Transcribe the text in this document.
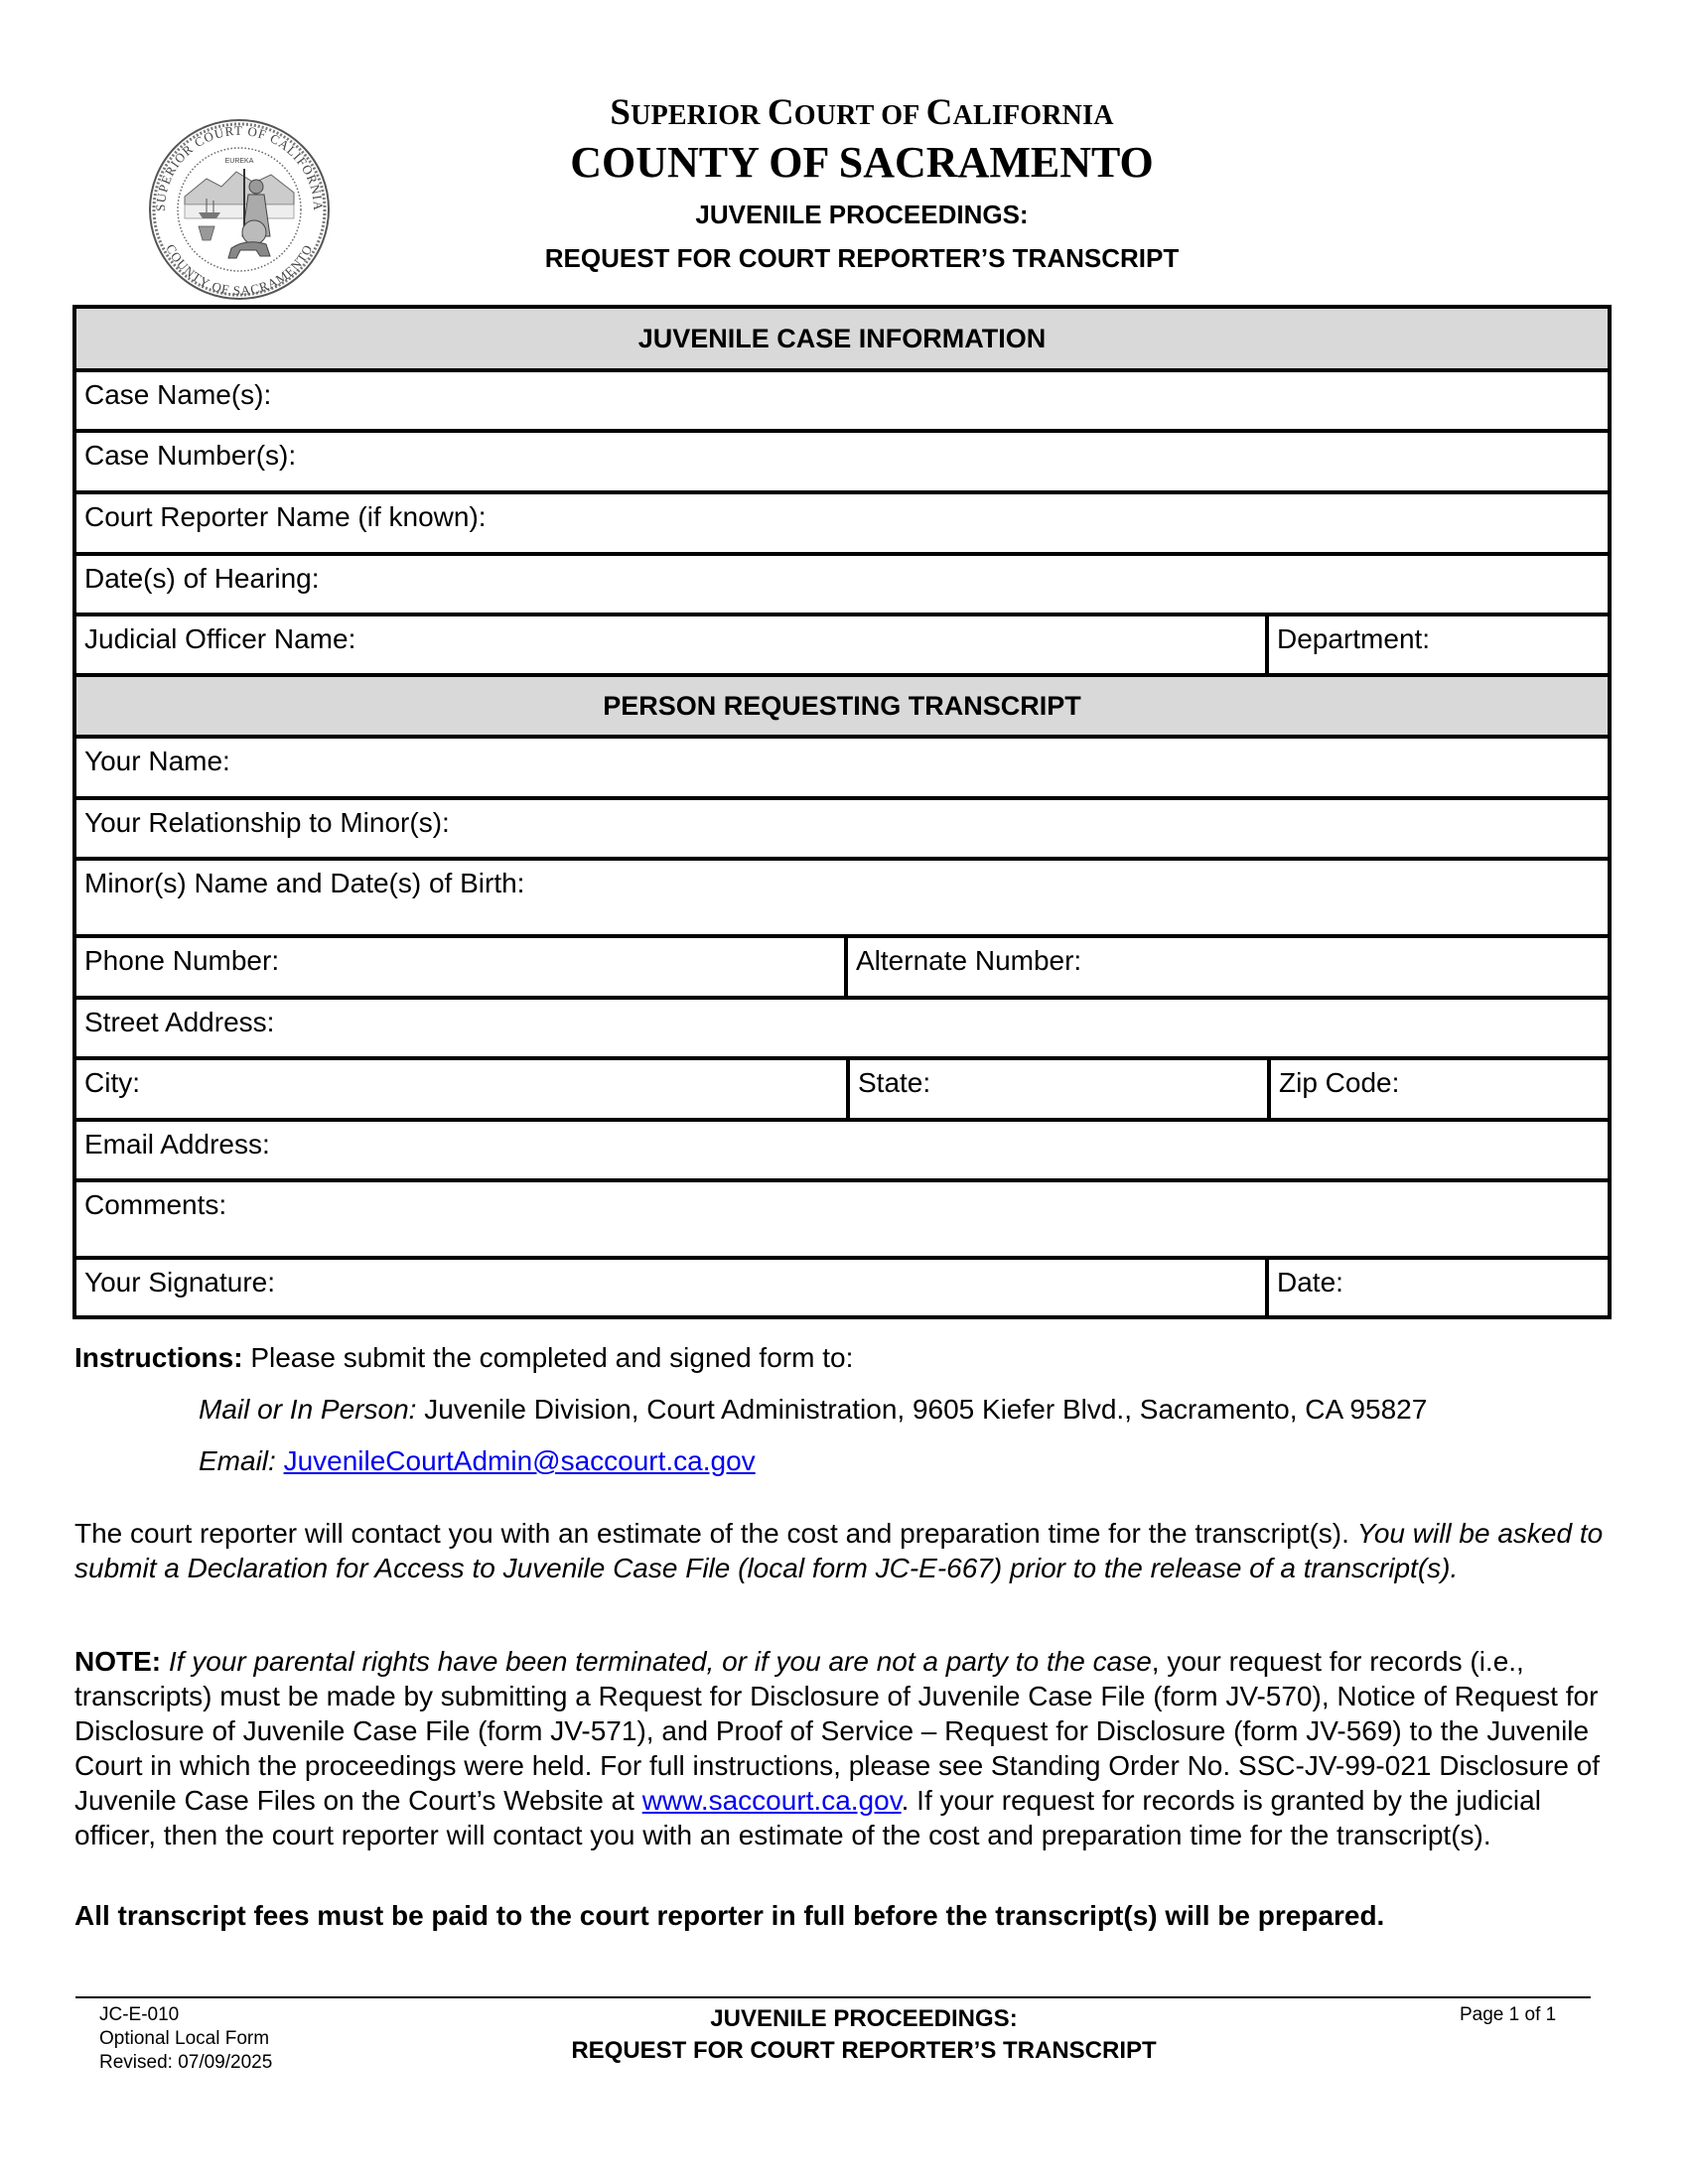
SUPERIOR COURT OF CALIFORNIA
COUNTY OF SACRAMENTO
EUREKA
SUPERIOR COURT OF CALIFORNIA
COUNTY OF SACRAMENTO
JUVENILE PROCEEDINGS:
REQUEST FOR COURT REPORTER’S TRANSCRIPT
JUVENILE CASE INFORMATION
Case Name(s):
Case Number(s):
Court Reporter Name (if known):
Date(s) of Hearing:
Judicial Officer Name:	Department:
PERSON REQUESTING TRANSCRIPT
Your Name:
Your Relationship to Minor(s):
Minor(s) Name and Date(s) of Birth:
Phone Number:	Alternate Number:
Street Address:
City:	State:	Zip Code:
Email Address:
Comments:
Your Signature:	Date:

Instructions: Please submit the completed and signed form to:

Mail or In Person: Juvenile Division, Court Administration, 9605 Kiefer Blvd., Sacramento, CA 95827

Email: JuvenileCourtAdmin@saccourt.ca.gov

The court reporter will contact you with an estimate of the cost and preparation time for the transcript(s). You will be asked to submit a Declaration for Access to Juvenile Case File (local form JC-E-667) prior to the release of a transcript(s).

NOTE: If your parental rights have been terminated, or if you are not a party to the case, your request for records (i.e., transcripts) must be made by submitting a Request for Disclosure of Juvenile Case File (form JV-570), Notice of Request for Disclosure of Juvenile Case File (form JV-571), and Proof of Service – Request for Disclosure (form JV-569) to the Juvenile Court in which the proceedings were held. For full instructions, please see Standing Order No. SSC-JV-99-021 Disclosure of Juvenile Case Files on the Court’s Website at www.saccourt.ca.gov. If your request for records is granted by the judicial officer, then the court reporter will contact you with an estimate of the cost and preparation time for the transcript(s).

All transcript fees must be paid to the court reporter in full before the transcript(s) will be prepared.

JC-E-010
Optional Local Form
Revised: 07/09/2025
JUVENILE PROCEEDINGS:
REQUEST FOR COURT REPORTER’S TRANSCRIPT
Page 1 of 1
